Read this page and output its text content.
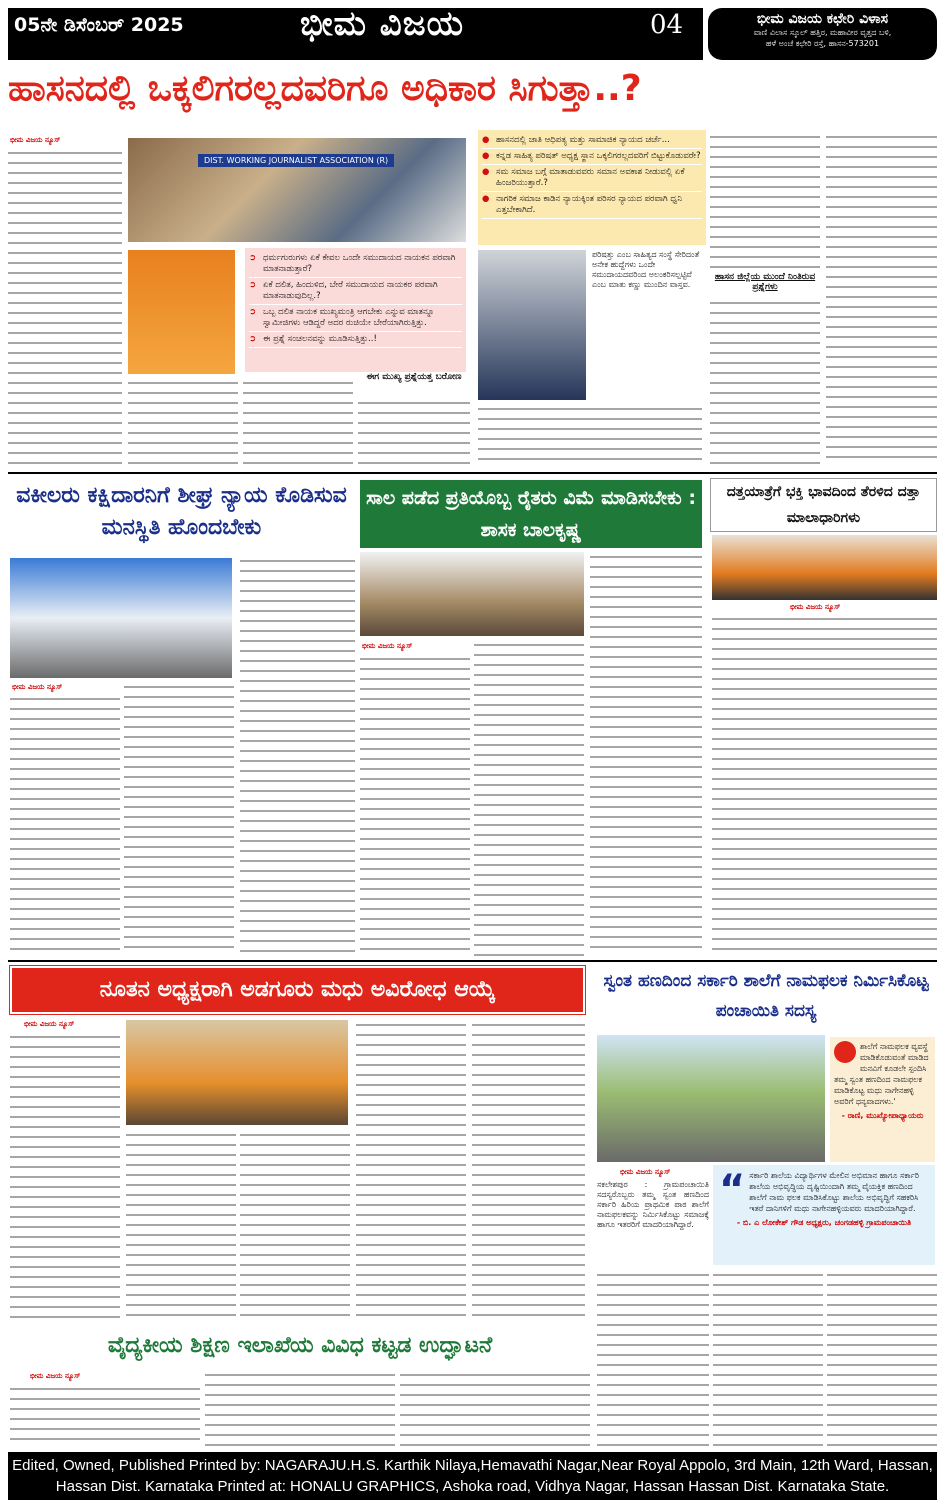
05ನೇ ಡಿಸೆಂಬರ್ 2025	ಭೀಮ ವಿಜಯ	04	ಭೀಮ ವಿಜಯ ಕಛೇರಿ ವಿಳಾಸ
ವಾಣಿ ವಿಲಾಸ ಸ್ಕೂಲ್ ಹತ್ತಿರ, ಮಹಾವೀರ ವೃತ್ತದ ಬಳಿ,
ಹಳೆ ಅಂಚೆ ಕಛೇರಿ ರಸ್ತೆ, ಹಾಸನ-573201
ಹಾಸನದಲ್ಲಿ ಒಕ್ಕಲಿಗರಲ್ಲದವರಿಗೂ ಅಧಿಕಾರ ಸಿಗುತ್ತಾ..?
ಭೀಮ ವಿಜಯ ನ್ಯೂಸ್
DIST. WORKING JOURNALIST ASSOCIATION (R)
➲ ಧರ್ಮಗುರುಗಳು ಏಕೆ ಕೇವಲ ಒಂದೇ ಸಮುದಾಯದ ನಾಯಕನ ಪರವಾಗಿ ಮಾತನಾಡುತ್ತಾರೆ?
➲ ಏಕೆ ದಲಿತ, ಹಿಂದುಳಿದ, ಬೇರೆ ಸಮುದಾಯದ ನಾಯಕರ ಪರವಾಗಿ ಮಾತನಾಡುವುದಿಲ್ಲ.?
➲ ಒಬ್ಬ ದಲಿತ ನಾಯಕ ಮುಖ್ಯಮಂತ್ರಿ ಆಗಬೇಕು ಎನ್ನುವ ಮಾತನ್ನೂ ಸ್ವಾಮೀಜಿಗಳು ಆಡಿದ್ದರೆ ಅದರ ರುಚಿಯೇ ಬೇರೆಯಾಗಿರುತ್ತಿತ್ತು.
➲ ಈ ಪ್ರಶ್ನೆ ಸಂಚಲನವನ್ನು ಮೂಡಿಸುತ್ತಿತ್ತು..!
ಈಗ ಮುಖ್ಯ ಪ್ರಶ್ನೆಯತ್ತ ಬರೋಣ
● ಹಾಸನದಲ್ಲಿ ಜಾತಿ ಆಧಿಪತ್ಯ ಮತ್ತು ಸಾಮಾಜಿಕ ನ್ಯಾಯದ ಚರ್ಚೆ...
● ಕನ್ನಡ ಸಾಹಿತ್ಯ ಪರಿಷತ್ ಅಧ್ಯಕ್ಷ ಸ್ಥಾನ ಒಕ್ಕಲಿಗರಲ್ಲದವರಿಗೆ ಬಿಟ್ಟುಕೊಡುವರೇ?
● ಸಮ ಸಮಾಜ ಬಗ್ಗೆ ಮಾತಾಡುವವರು ಸಮಾನ ಅವಕಾಶ ನೀಡುವಲ್ಲಿ ಏಕೆ ಹಿಂಜರಿಯುತ್ತಾರೆ.?
● ನಾಗರಿಕ ಸಮಾಜ ಕಾಡಿನ ನ್ಯಾಯಕ್ಕಿಂತ ಪರಿಸರ ನ್ಯಾಯದ ಪರವಾಗಿ ಧ್ವನಿ ಎತ್ತಬೇಕಾಗಿದೆ.
ಪರಿಷತ್ತು ಎಂಬ ಸಾಹಿತ್ಯದ ಸಂಸ್ಥೆ ಸೇರಿದಂತೆ ಅನೇಕ ಹುದ್ದೆಗಳು ಒಂದೇ ಸಮುದಾಯದವರಿಂದ ಅಲಂಕರಿಸಲ್ಪಟ್ಟಿವೆ ಎಂಬ ಮಾತು ಕಣ್ಣು ಮುಂದಿನ ವಾಸ್ತವ.
ಹಾಸನ ಜಿಲ್ಲೆಯ ಮುಂದೆ ನಿಂತಿರುವ ಪ್ರಶ್ನೆಗಳು
ವಕೀಲರು ಕಕ್ಷಿದಾರನಿಗೆ ಶೀಘ್ರ ನ್ಯಾಯ ಕೊಡಿಸುವ ಮನಸ್ಥಿತಿ ಹೊಂದಬೇಕು
ಭೀಮ ವಿಜಯ ನ್ಯೂಸ್
ಸಾಲ ಪಡೆದ ಪ್ರತಿಯೊಬ್ಬ ರೈತರು ವಿಮೆ ಮಾಡಿಸಬೇಕು : ಶಾಸಕ ಬಾಲಕೃಷ್ಣ
ಭೀಮ ವಿಜಯ ನ್ಯೂಸ್
ದತ್ತಯಾತ್ರೆಗೆ ಭಕ್ತಿ ಭಾವದಿಂದ ತೆರಳಿದ ದತ್ತಾ ಮಾಲಾಧಾರಿಗಳು
ಭೀಮ ವಿಜಯ ನ್ಯೂಸ್
ನೂತನ ಅಧ್ಯಕ್ಷರಾಗಿ ಅಡಗೂರು ಮಧು ಅವಿರೋಧ ಆಯ್ಕೆ
ಭೀಮ ವಿಜಯ ನ್ಯೂಸ್
ಸ್ವಂತ ಹಣದಿಂದ ಸರ್ಕಾರಿ ಶಾಲೆಗೆ ನಾಮಫಲಕ ನಿರ್ಮಿಸಿಕೊಟ್ಟ ಪಂಚಾಯಿತಿ ಸದಸ್ಯ
ಶಾಲೆಗೆ ನಾಮಫಲಕ ವ್ಯವಸ್ಥೆ ಮಾಡಿಕೊಡುವಂತೆ ಮಾಡಿದ ಮನವಿಗೆ ಕೂಡಲೇ ಸ್ಪಂದಿಸಿ ತಮ್ಮ ಸ್ವಂತ ಹಣದಿಂದ ನಾಮಫಲಕ ಮಾಡಿಕೊಟ್ಟ ಮಧು ನಾಗೇನಹಳ್ಳಿ ಅವರಿಗೆ ಧನ್ಯವಾದಗಳು.'
- ರಾಣಿ, ಮುಖ್ಯೋಪಾಧ್ಯಾಯರು
ಭೀಮ ವಿಜಯ ನ್ಯೂಸ್
ಸಕಲೇಶಪುರ : ಗ್ರಾಮಪಂಚಾಯಿತಿ ಸದಸ್ಯರೊಬ್ಬರು ತಮ್ಮ ಸ್ವಂತ ಹಣದಿಂದ ಸರ್ಕಾರಿ ಹಿರಿಯ ಪ್ರಾಥಮಿಕ ಪಾಠ ಶಾಲೆಗೆ ನಾಮಫಲಕವನ್ನು ನಿರ್ಮಿಸಿಕೊಟ್ಟು ಸಮಾಜಕ್ಕೆ ಹಾಗೂ ಇತರರಿಗೆ ಮಾದರಿಯಾಗಿದ್ದಾರೆ.
“ ಸರ್ಕಾರಿ ಶಾಲೆಯ ವಿದ್ಯಾರ್ಥಿಗಳ ಮೇಲಿನ ಅಭಿಮಾನ ಹಾಗೂ ಸರ್ಕಾರಿ ಶಾಲೆಯ ಅಭಿವೃದ್ಧಿಯ ದೃಷ್ಟಿಯಿಂದಾಗಿ ತಮ್ಮ ವೈಯಕ್ತಿಕ ಹಣದಿಂದ ಶಾಲೆಗೆ ನಾಮ ಫಲಕ ಮಾಡಿಸಿಕೊಟ್ಟು ಶಾಲೆಯ ಅಭಿವೃದ್ಧಿಗೆ ಸಹಕರಿಸಿ ಇತರೆ ದಾನಿಗಳಿಗೆ ಮಧು ನಾಗೇನಹಳ್ಳಿಯವರು ಮಾದರಿಯಾಗಿದ್ದಾರೆ.
- ಬಿ. ಎ ಲೋಕೇಶ್ ಗೌಡ ಅಧ್ಯಕ್ಷರು, ಚಂಗಡಹಳ್ಳಿ ಗ್ರಾಮಪಂಚಾಯಿತಿ
ವೈದ್ಯಕೀಯ ಶಿಕ್ಷಣ ಇಲಾಖೆಯ ವಿವಿಧ ಕಟ್ಟಡ ಉದ್ಘಾಟನೆ
ಭೀಮ ವಿಜಯ ನ್ಯೂಸ್
Edited, Owned, Published Printed by: NAGARAJU.H.S. Karthik Nilaya,Hemavathi Nagar,Near Royal Appolo, 3rd Main, 12th Ward, Hassan,
Hassan Dist. Karnataka Printed at: HONALU GRAPHICS, Ashoka road, Vidhya Nagar, Hassan Hassan Dist. Karnataka State.
